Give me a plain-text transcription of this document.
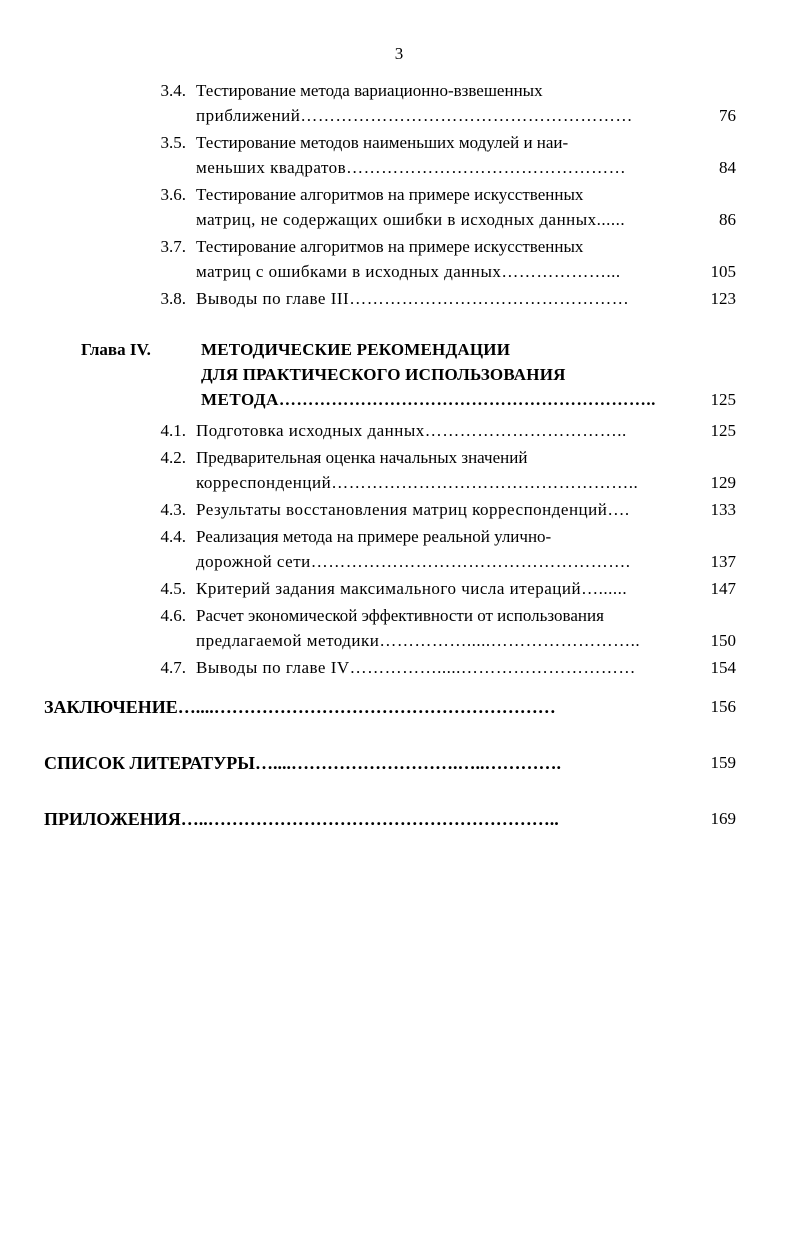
3
3.4. Тестирование метода вариационно-взвешенных
приближений…………………………………………………	76
3.5. Тестирование методов наименьших модулей и наи-
меньших квадратов…………………………………………	84
3.6. Тестирование алгоритмов на примере искусственных
матриц, не содержащих ошибки в исходных данных......	86
3.7. Тестирование алгоритмов на примере искусственных
матриц с ошибками в исходных данных………………...	105
3.8. Выводы по главе III…………………………………………	123
Глава IV.	МЕТОДИЧЕСКИЕ РЕКОМЕНДАЦИИ
ДЛЯ ПРАКТИЧЕСКОГО ИСПОЛЬЗОВАНИЯ
МЕТОДА………………………………………………………..	125
4.1. Подготовка исходных данных……………………………..	125
4.2. Предварительная оценка начальных значений
корреспонденций……………………………………………..	129
4.3. Результаты восстановления матриц корреспонденций….	133
4.4. Реализация метода на примере реальной улично-
дорожной сети……………………………………………….	137
4.5. Критерий задания максимального числа итераций…......	147
4.6. Расчет экономической эффективности от использования
предлагаемой методики…………….....……………………..	150
4.7. Выводы по главе IV…………….....…………………………	154
ЗАКЛЮЧЕНИЕ…....…………………………………………………	156
СПИСОК ЛИТЕРАТУРЫ…....……………………….…..………….	159
ПРИЛОЖЕНИЯ…..…………………………………………………..	169
